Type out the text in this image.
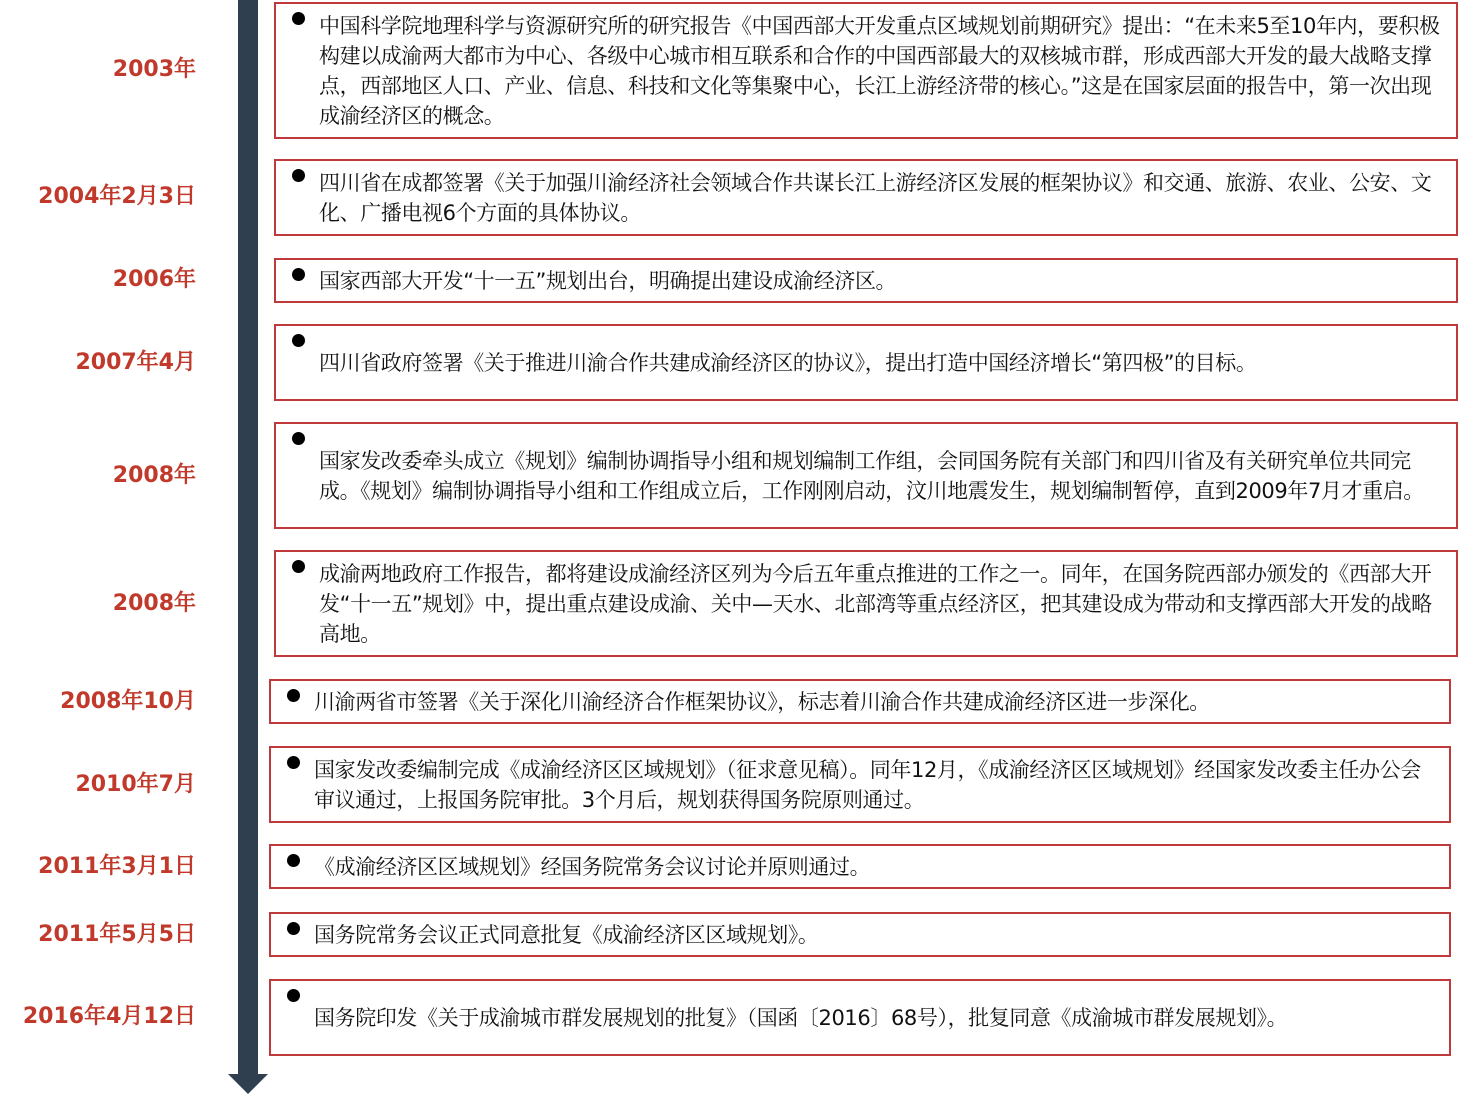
2003年
中国科学院地理科学与资源研究所的研究报告《中国西部大开发重点区域规划前期研究》提出：“在未来5至10年内，要积极构建以成渝两大都市为中心、各级中心城市相互联系和合作的中国西部最大的双核城市群，形成西部大开发的最大战略支撑点，西部地区人口、产业、信息、科技和文化等集聚中心，长江上游经济带的核心。”这是在国家层面的报告中，第一次出现成渝经济区的概念。
2004年2月3日
四川省在成都签署《关于加强川渝经济社会领域合作共谋长江上游经济区发展的框架协议》和交通、旅游、农业、公安、文化、广播电视6个方面的具体协议。
2006年	国家西部大开发“十一五”规划出台，明确提出建设成渝经济区。
2007年4月	四川省政府签署《关于推进川渝合作共建成渝经济区的协议》，提出打造中国经济增长“第四极”的目标。
2008年
国家发改委牵头成立《规划》编制协调指导小组和规划编制工作组，会同国务院有关部门和四川省及有关研究单位共同完成。《规划》编制协调指导小组和工作组成立后，工作刚刚启动，汶川地震发生，规划编制暂停，直到2009年7月才重启。
2008年
成渝两地政府工作报告，都将建设成渝经济区列为今后五年重点推进的工作之一。同年，在国务院西部办颁发的《西部大开发“十一五”规划》中，提出重点建设成渝、关中—天水、北部湾等重点经济区，把其建设成为带动和支撑西部大开发的战略高地。
2008年10月	川渝两省市签署《关于深化川渝经济合作框架协议》，标志着川渝合作共建成渝经济区进一步深化。
2010年7月
国家发改委编制完成《成渝经济区区域规划》（征求意见稿）。同年12月，《成渝经济区区域规划》经国家发改委主任办公会审议通过，上报国务院审批。3个月后，规划获得国务院原则通过。
2011年3月1日	《成渝经济区区域规划》经国务院常务会议讨论并原则通过。
2011年5月5日	国务院常务会议正式同意批复《成渝经济区区域规划》。
2016年4月12日	国务院印发《关于成渝城市群发展规划的批复》（国函〔2016〕68号），批复同意《成渝城市群发展规划》。
